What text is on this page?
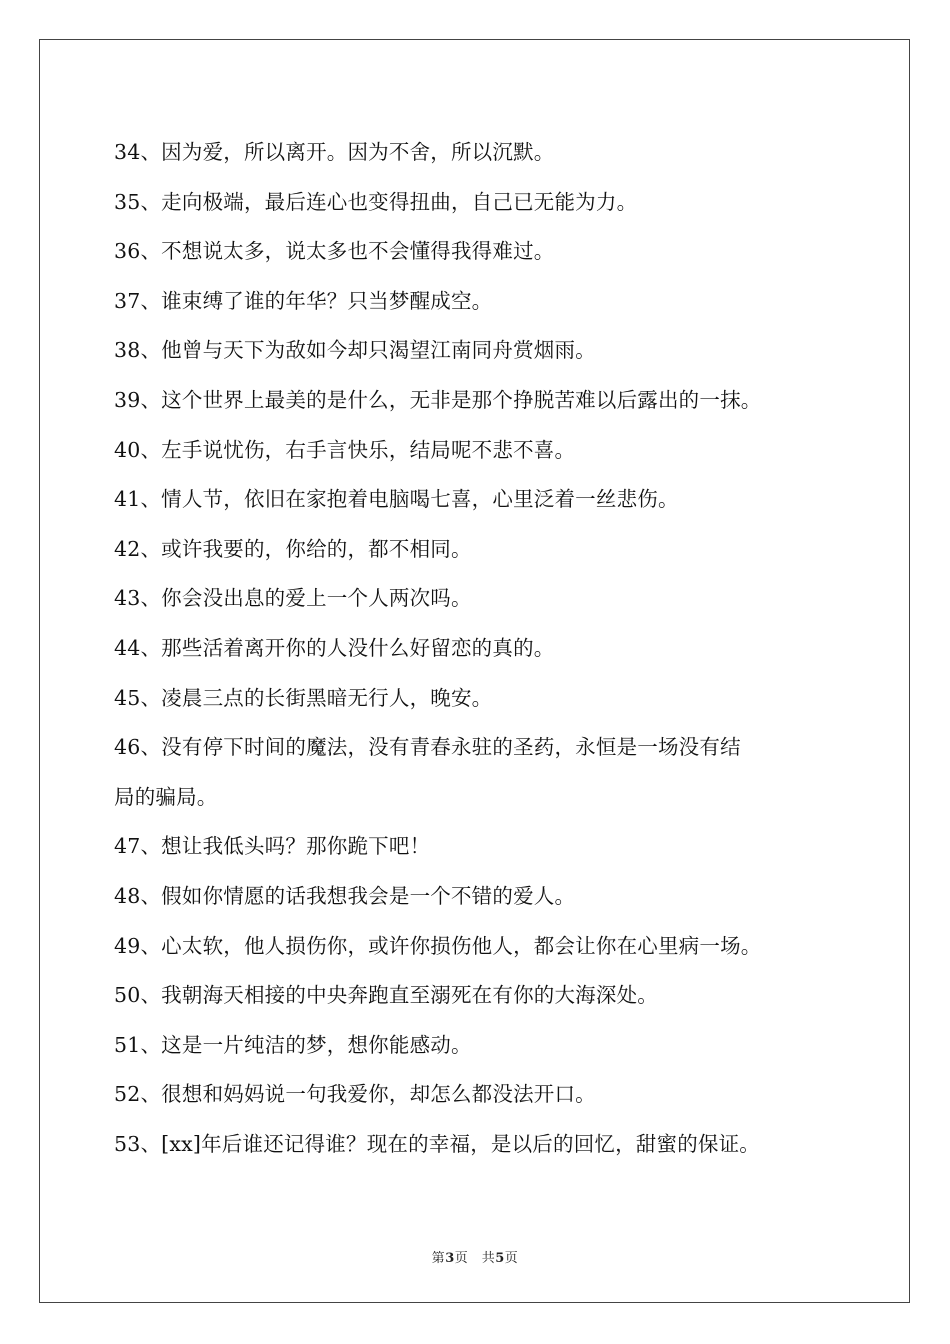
34、因为爱，所以离开。因为不舍，所以沉默。
35、走向极端，最后连心也变得扭曲，自己已无能为力。
36、不想说太多，说太多也不会懂得我得难过。
37、谁束缚了谁的年华？只当梦醒成空。
38、他曾与天下为敌如今却只渴望江南同舟赏烟雨。
39、这个世界上最美的是什么，无非是那个挣脱苦难以后露出的一抹。
40、左手说忧伤，右手言快乐，结局呢不悲不喜。
41、情人节，依旧在家抱着电脑喝七喜，心里泛着一丝悲伤。
42、或许我要的，你给的，都不相同。
43、你会没出息的爱上一个人两次吗。
44、那些活着离开你的人没什么好留恋的真的。
45、凌晨三点的长街黑暗无行人，晚安。
46、没有停下时间的魔法，没有青春永驻的圣药，永恒是一场没有结
局的骗局。
47、想让我低头吗？那你跪下吧！
48、假如你情愿的话我想我会是一个不错的爱人。
49、心太软，他人损伤你，或许你损伤他人，都会让你在心里病一场。
50、我朝海天相接的中央奔跑直至溺死在有你的大海深处。
51、这是一片纯洁的梦，想你能感动。
52、很想和妈妈说一句我爱你，却怎么都没法开口。
53、[xx]年后谁还记得谁？现在的幸福，是以后的回忆，甜蜜的保证。
第3页　共5页
